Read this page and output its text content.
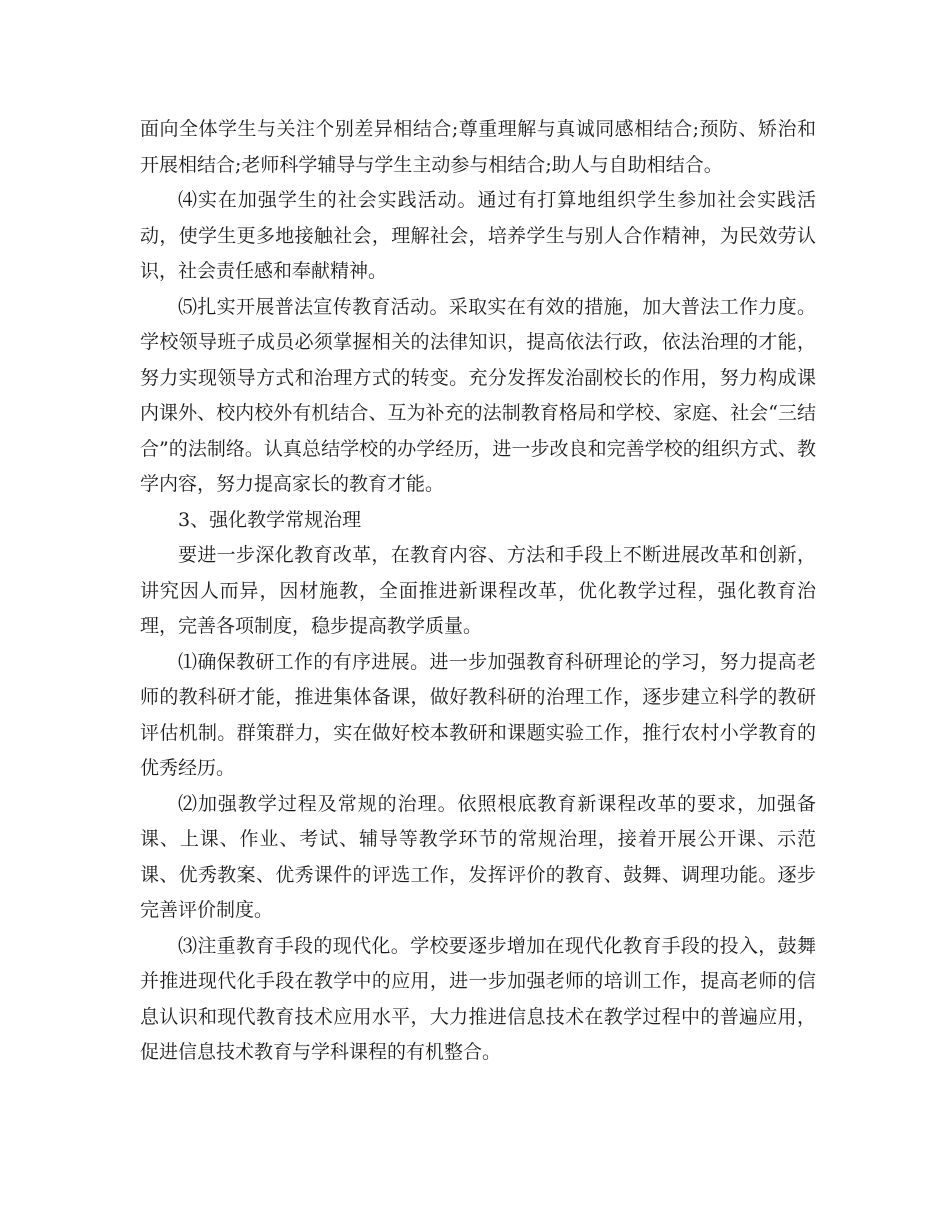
面向全体学生与关注个别差异相结合;尊重理解与真诚同感相结合;预防、矫治和开展相结合;老师科学辅导与学生主动参与相结合;助人与自助相结合。

⑷实在加强学生的社会实践活动。通过有打算地组织学生参加社会实践活动，使学生更多地接触社会，理解社会，培养学生与别人合作精神，为民效劳认识，社会责任感和奉献精神。

⑸扎实开展普法宣传教育活动。采取实在有效的措施，加大普法工作力度。学校领导班子成员必须掌握相关的法律知识，提高依法行政，依法治理的才能，努力实现领导方式和治理方式的转变。充分发挥发治副校长的作用，努力构成课内课外、校内校外有机结合、互为补充的法制教育格局和学校、家庭、社会“三结合”的法制络。认真总结学校的办学经历，进一步改良和完善学校的组织方式、教学内容，努力提高家长的教育才能。

3、强化教学常规治理

要进一步深化教育改革，在教育内容、方法和手段上不断进展改革和创新，讲究因人而异，因材施教，全面推进新课程改革，优化教学过程，强化教育治理，完善各项制度，稳步提高教学质量。

⑴确保教研工作的有序进展。进一步加强教育科研理论的学习，努力提高老师的教科研才能，推进集体备课，做好教科研的治理工作，逐步建立科学的教研评估机制。群策群力，实在做好校本教研和课题实验工作，推行农村小学教育的优秀经历。

⑵加强教学过程及常规的治理。依照根底教育新课程改革的要求，加强备课、上课、作业、考试、辅导等教学环节的常规治理，接着开展公开课、示范课、优秀教案、优秀课件的评选工作，发挥评价的教育、鼓舞、调理功能。逐步完善评价制度。

⑶注重教育手段的现代化。学校要逐步增加在现代化教育手段的投入，鼓舞并推进现代化手段在教学中的应用，进一步加强老师的培训工作，提高老师的信息认识和现代教育技术应用水平，大力推进信息技术在教学过程中的普遍应用，促进信息技术教育与学科课程的有机整合。
